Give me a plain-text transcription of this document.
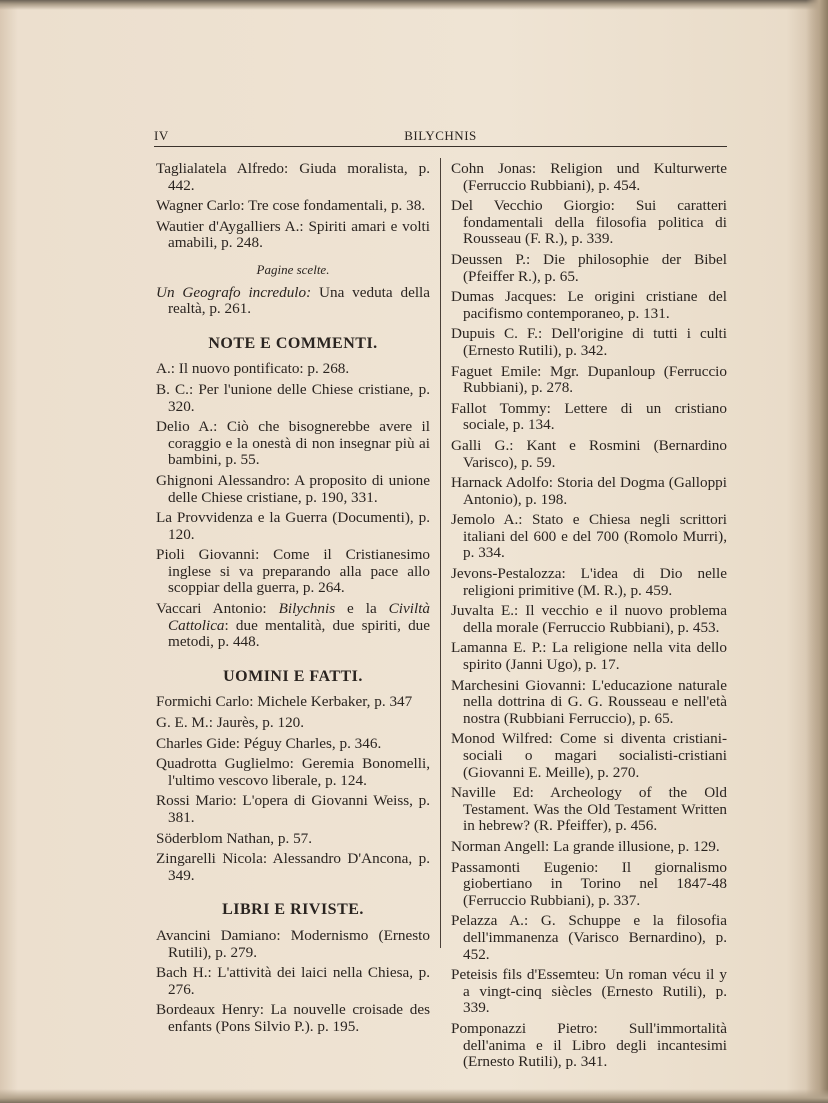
IV	BILYCHNIS

Taglialatela Alfredo: Giuda moralista, p. 442.

Wagner Carlo: Tre cose fondamentali, p. 38.

Wautier d'Aygalliers A.: Spiriti amari e volti amabili, p. 248.

Pagine scelte.

Un Geografo incredulo: Una veduta della realtà, p. 261.

NOTE E COMMENTI.

A.: Il nuovo pontificato: p. 268.

B. C.: Per l'unione delle Chiese cristiane, p. 320.

Delio A.: Ciò che bisognerebbe avere il coraggio e la onestà di non insegnar più ai bambini, p. 55.

Ghignoni Alessandro: A proposito di unione delle Chiese cristiane, p. 190, 331.

La Provvidenza e la Guerra (Documenti), p. 120.

Pioli Giovanni: Come il Cristianesimo inglese si va preparando alla pace allo scoppiar della guerra, p. 264.

Vaccari Antonio: Bilychnis e la Civiltà Cattolica: due mentalità, due spiriti, due metodi, p. 448.

UOMINI E FATTI.

Formichi Carlo: Michele Kerbaker, p. 347

G. E. M.: Jaurès, p. 120.

Charles Gide: Péguy Charles, p. 346.

Quadrotta Guglielmo: Geremia Bonomelli, l'ultimo vescovo liberale, p. 124.

Rossi Mario: L'opera di Giovanni Weiss, p. 381.

Söderblom Nathan, p. 57.

Zingarelli Nicola: Alessandro D'Ancona, p. 349.

LIBRI E RIVISTE.

Avancini Damiano: Modernismo (Ernesto Rutili), p. 279.

Bach H.: L'attività dei laici nella Chiesa, p. 276.

Bordeaux Henry: La nouvelle croisade des enfants (Pons Silvio P.). p. 195.

Cohn Jonas: Religion und Kulturwerte (Ferruccio Rubbiani), p. 454.

Del Vecchio Giorgio: Sui caratteri fondamentali della filosofia politica di Rousseau (F. R.), p. 339.

Deussen P.: Die philosophie der Bibel (Pfeiffer R.), p. 65.

Dumas Jacques: Le origini cristiane del pacifismo contemporaneo, p. 131.

Dupuis C. F.: Dell'origine di tutti i culti (Ernesto Rutili), p. 342.

Faguet Emile: Mgr. Dupanloup (Ferruccio Rubbiani), p. 278.

Fallot Tommy: Lettere di un cristiano sociale, p. 134.

Galli G.: Kant e Rosmini (Bernardino Varisco), p. 59.

Harnack Adolfo: Storia del Dogma (Galloppi Antonio), p. 198.

Jemolo A.: Stato e Chiesa negli scrittori italiani del 600 e del 700 (Romolo Murri), p. 334.

Jevons-Pestalozza: L'idea di Dio nelle religioni primitive (M. R.), p. 459.

Juvalta E.: Il vecchio e il nuovo problema della morale (Ferruccio Rubbiani), p. 453.

Lamanna E. P.: La religione nella vita dello spirito (Janni Ugo), p. 17.

Marchesini Giovanni: L'educazione naturale nella dottrina di G. G. Rousseau e nell'età nostra (Rubbiani Ferruccio), p. 65.

Monod Wilfred: Come si diventa cristiani-sociali o magari socialisti-cristiani (Giovanni E. Meille), p. 270.

Naville Ed: Archeology of the Old Testament. Was the Old Testament Written in hebrew? (R. Pfeiffer), p. 456.

Norman Angell: La grande illusione, p. 129.

Passamonti Eugenio: Il giornalismo giobertiano in Torino nel 1847-48 (Ferruccio Rubbiani), p. 337.

Pelazza A.: G. Schuppe e la filosofia dell'immanenza (Varisco Bernardino), p. 452.

Peteisis fils d'Essemteu: Un roman vécu il y a vingt-cinq siècles (Ernesto Rutili), p. 339.

Pomponazzi Pietro: Sull'immortalità dell'anima e il Libro degli incantesimi (Ernesto Rutili), p. 341.
